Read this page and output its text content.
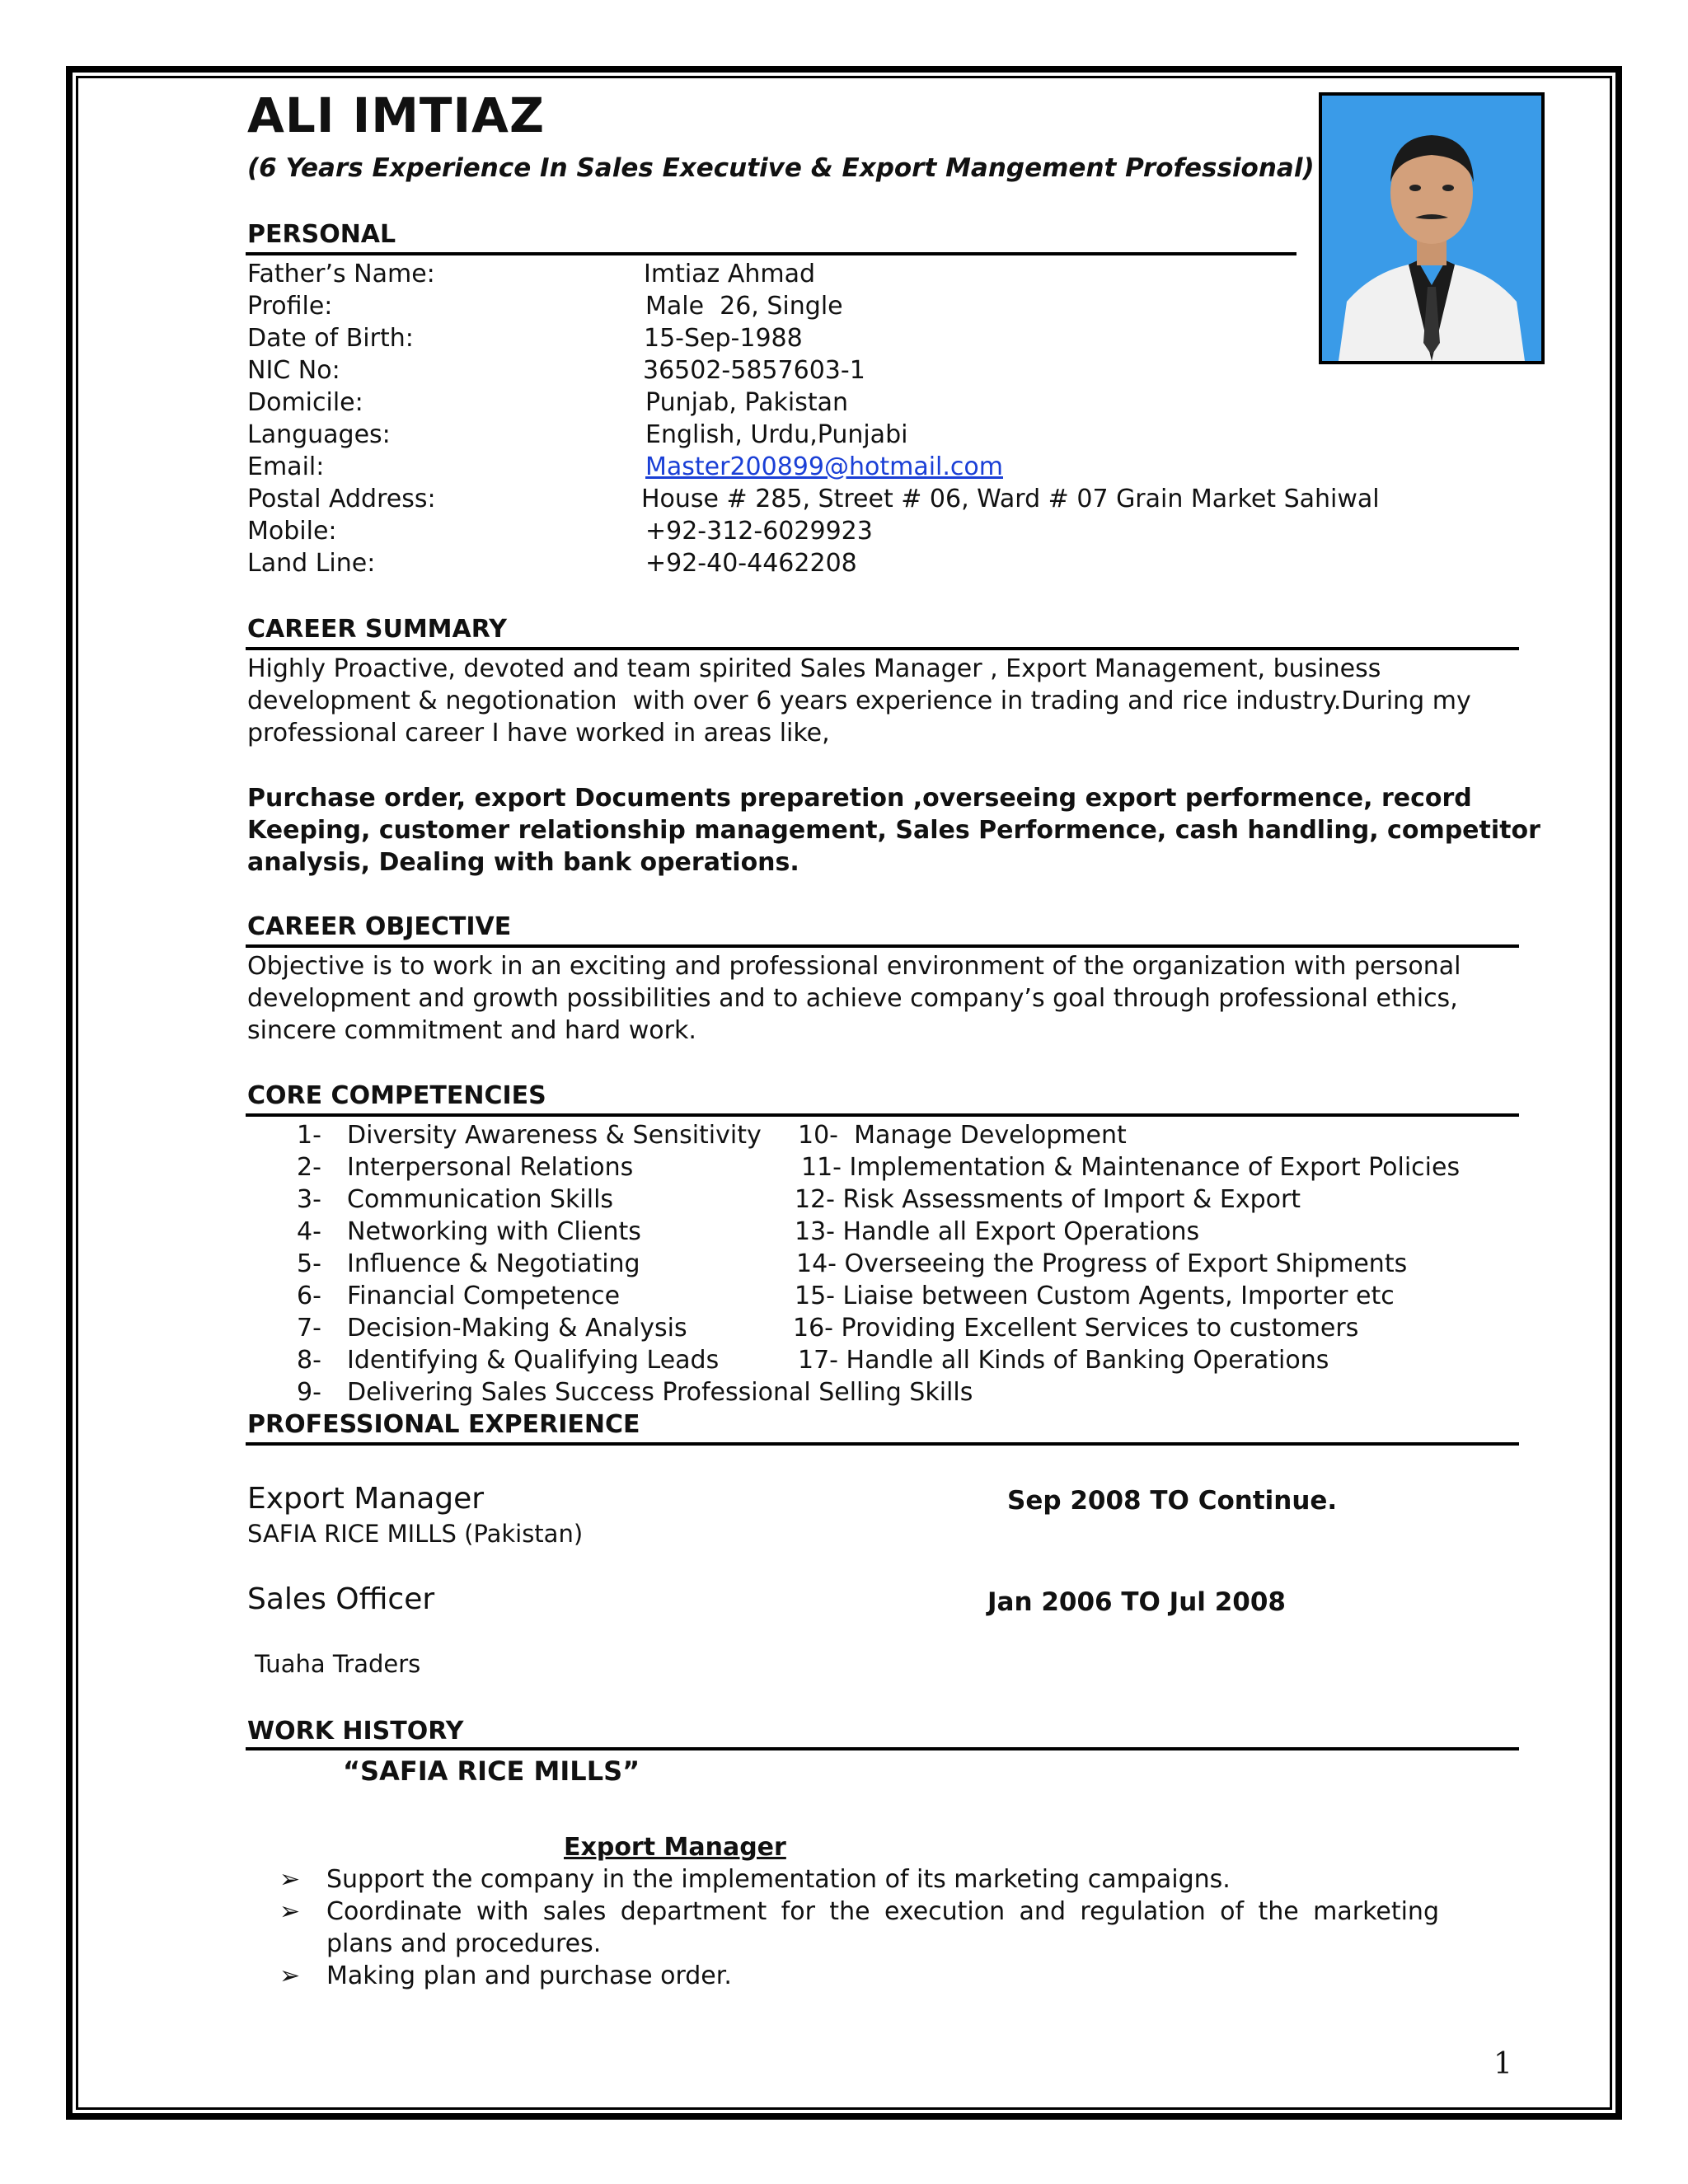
ALI IMTIAZ
(6 Years Experience In Sales Executive & Export Mangement Professional)
PERSONAL
Father’s Name:	Imtiaz Ahmad
Profile:	Male  26, Single
Date of Birth:	15-Sep-1988
NIC No:	36502-5857603-1
Domicile:	Punjab, Pakistan
Languages:	English, Urdu,Punjabi
Email:	Master200899@hotmail.com
Postal Address:	House # 285, Street # 06, Ward # 07 Grain Market Sahiwal
Mobile:	+92-312-6029923
Land Line:	+92-40-4462208
CAREER SUMMARY
Highly Proactive, devoted and team spirited Sales Manager , Export Management, business
development & negotionation  with over 6 years experience in trading and rice industry.During my
professional career I have worked in areas like,
Purchase order, export Documents preparetion ,overseeing export performence, record
Keeping, customer relationship management, Sales Performence, cash handling, competitor
analysis, Dealing with bank operations.
CAREER OBJECTIVE
Objective is to work in an exciting and professional environment of the organization with personal
development and growth possibilities and to achieve company’s goal through professional ethics,
sincere commitment and hard work.
CORE COMPETENCIES
1- Diversity Awareness & Sensitivity
2- Interpersonal Relations
3- Communication Skills
4- Networking with Clients
5- Influence & Negotiating
6- Financial Competence
7- Decision-Making & Analysis
8- Identifying & Qualifying Leads
9- Delivering Sales Success Professional Selling Skills
10-  Manage Development
11- Implementation & Maintenance of Export Policies
12- Risk Assessments of Import & Export
13- Handle all Export Operations
14- Overseeing the Progress of Export Shipments
15- Liaise between Custom Agents, Importer etc
16- Providing Excellent Services to customers
17- Handle all Kinds of Banking Operations
PROFESSIONAL EXPERIENCE
Export Manager	Sep 2008 TO Continue.
SAFIA RICE MILLS (Pakistan)
Sales Officer	Jan 2006 TO Jul 2008
Tuaha Traders
WORK HISTORY
“SAFIA RICE MILLS”
Export Manager
➢ Support the company in the implementation of its marketing campaigns.
➢ Coordinate with sales department for the execution and regulation of the marketing
plans and procedures.
➢ Making plan and purchase order.
1
